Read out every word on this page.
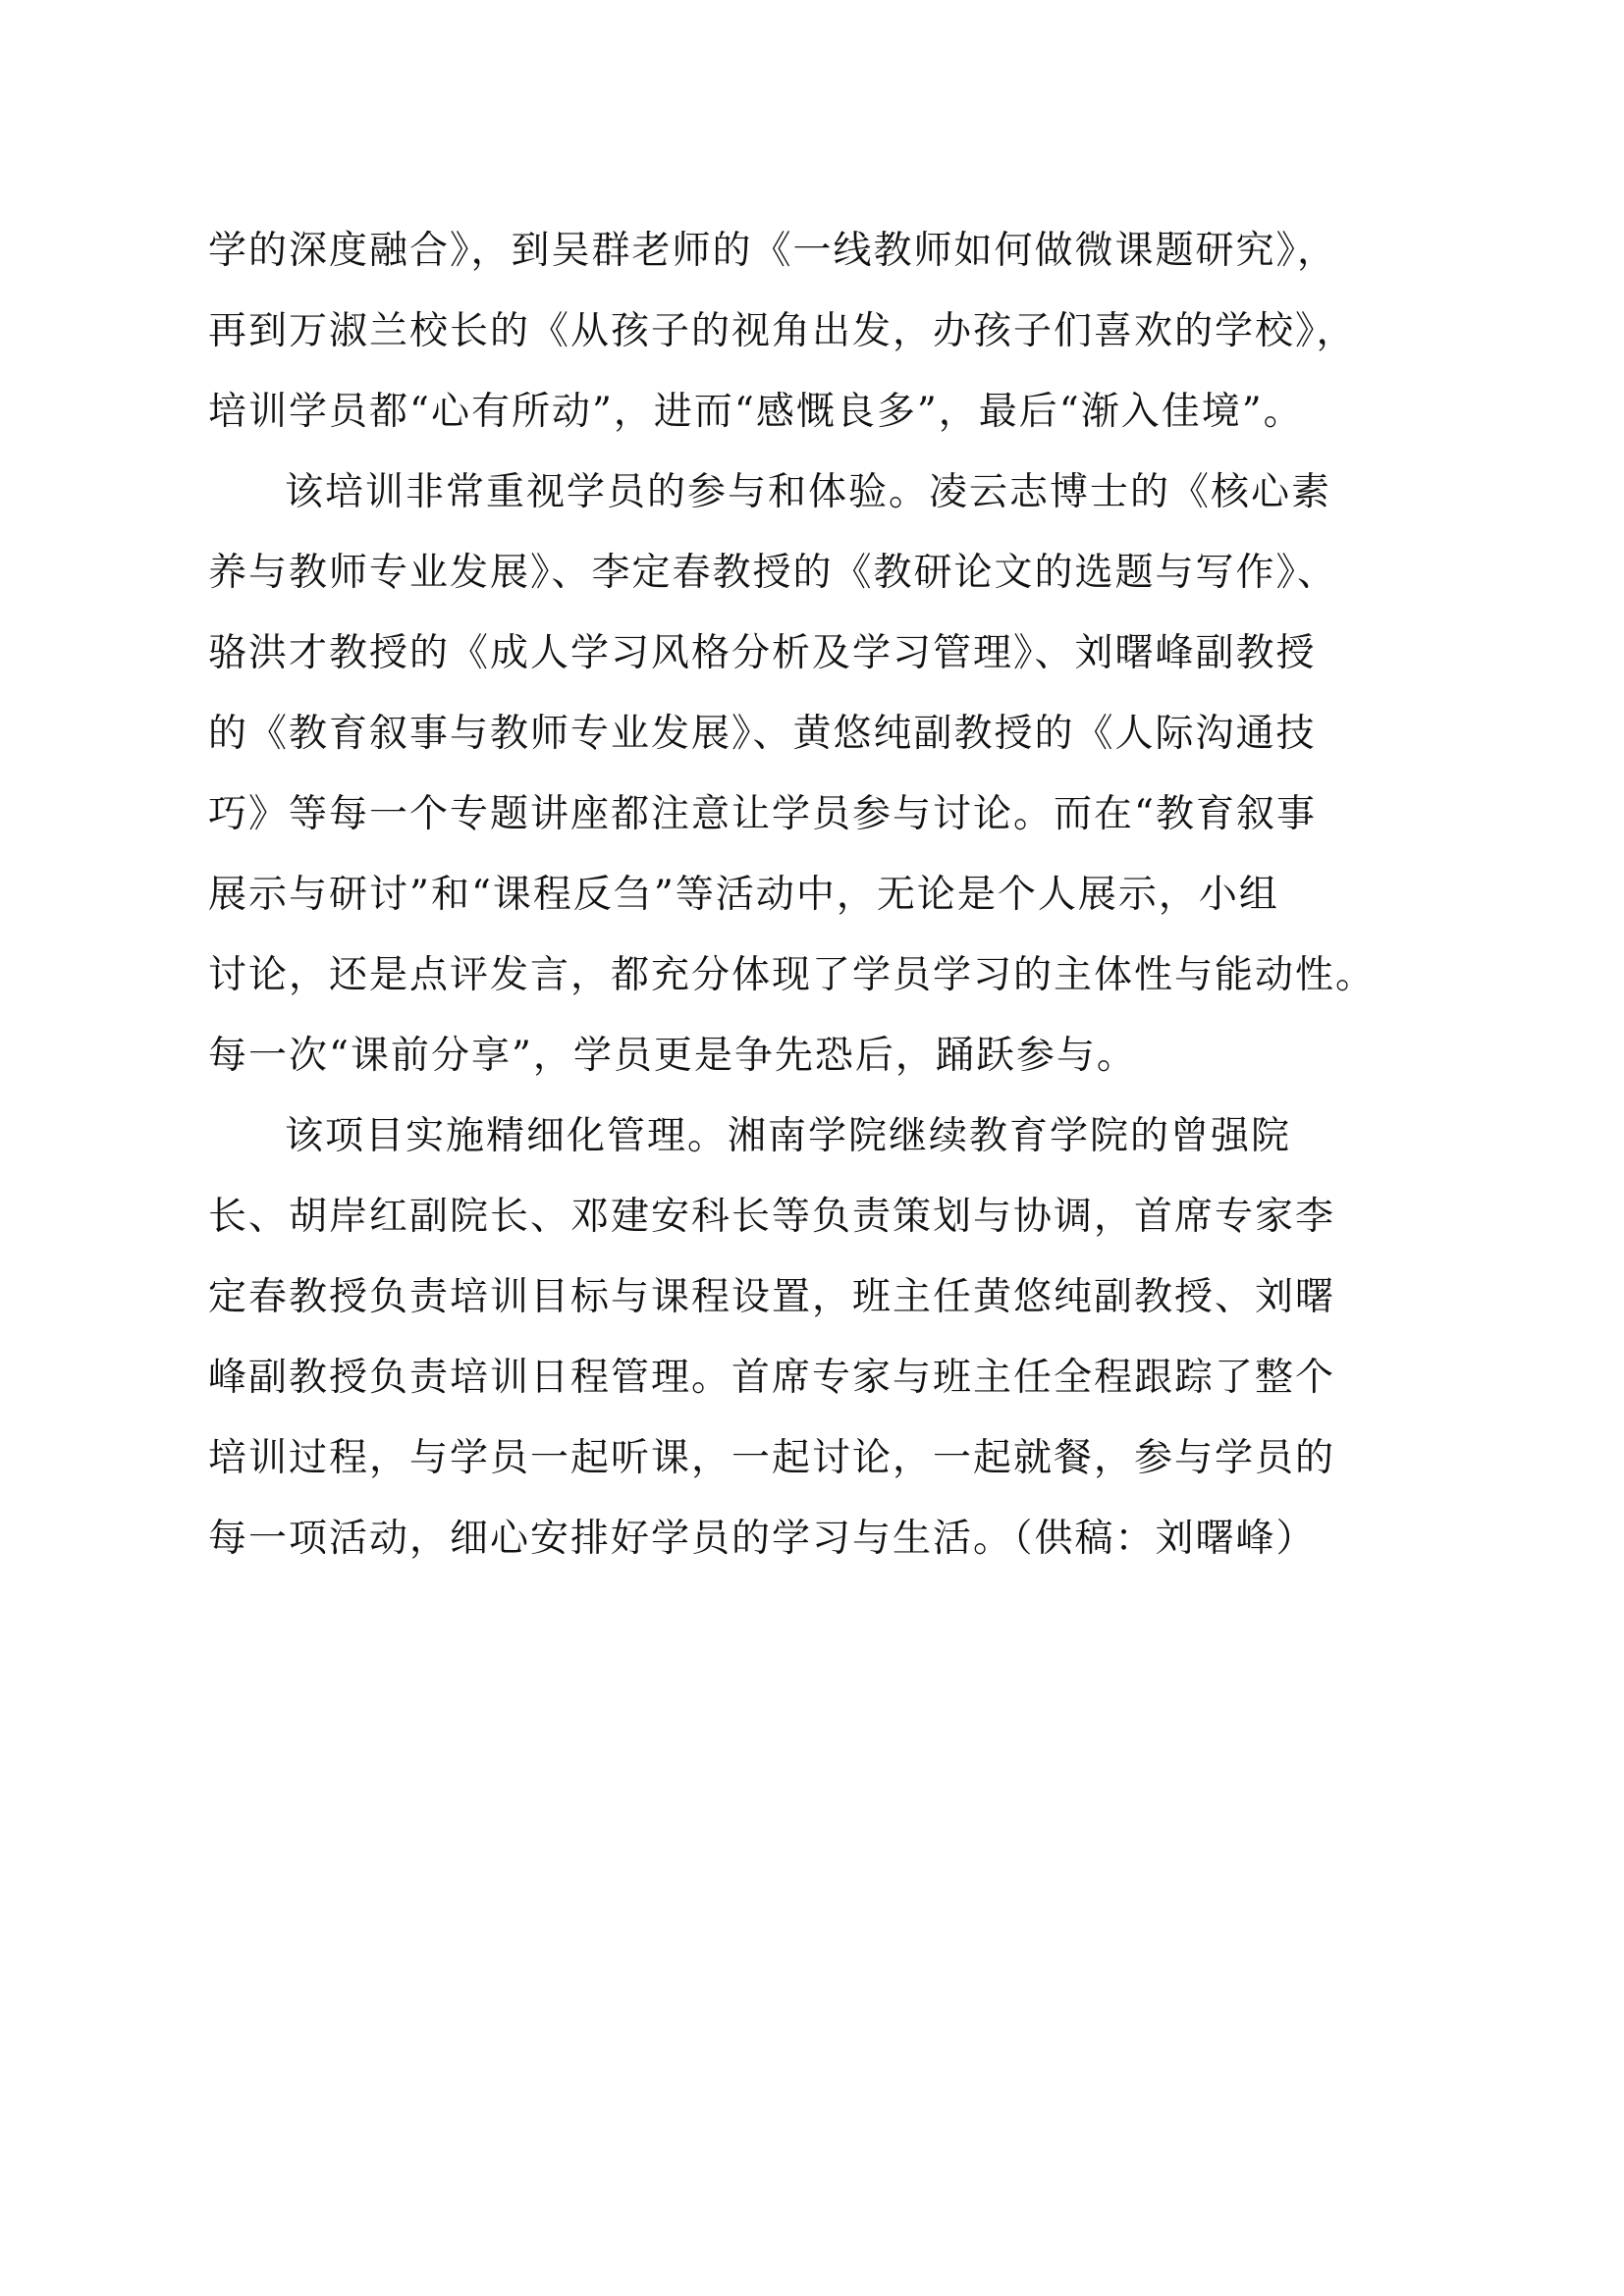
学的深度融合》，到吴群老师的《一线教师如何做微课题研究》，
再到万淑兰校长的《从孩子的视角出发，办孩子们喜欢的学校》，
培训学员都“心有所动”，进而“感慨良多”，最后“渐入佳境”。

该培训非常重视学员的参与和体验。凌云志博士的《核心素
养与教师专业发展》、李定春教授的《教研论文的选题与写作》、
骆洪才教授的《成人学习风格分析及学习管理》、刘曙峰副教授
的《教育叙事与教师专业发展》、黄悠纯副教授的《人际沟通技
巧》等每一个专题讲座都注意让学员参与讨论。而在“教育叙事
展示与研讨”和“课程反刍”等活动中，无论是个人展示，小组
讨论，还是点评发言，都充分体现了学员学习的主体性与能动性。
每一次“课前分享”，学员更是争先恐后，踊跃参与。

该项目实施精细化管理。湘南学院继续教育学院的曾强院
长、胡岸红副院长、邓建安科长等负责策划与协调，首席专家李
定春教授负责培训目标与课程设置，班主任黄悠纯副教授、刘曙
峰副教授负责培训日程管理。首席专家与班主任全程跟踪了整个
培训过程，与学员一起听课，一起讨论，一起就餐，参与学员的
每一项活动，细心安排好学员的学习与生活。（供稿：刘曙峰）
